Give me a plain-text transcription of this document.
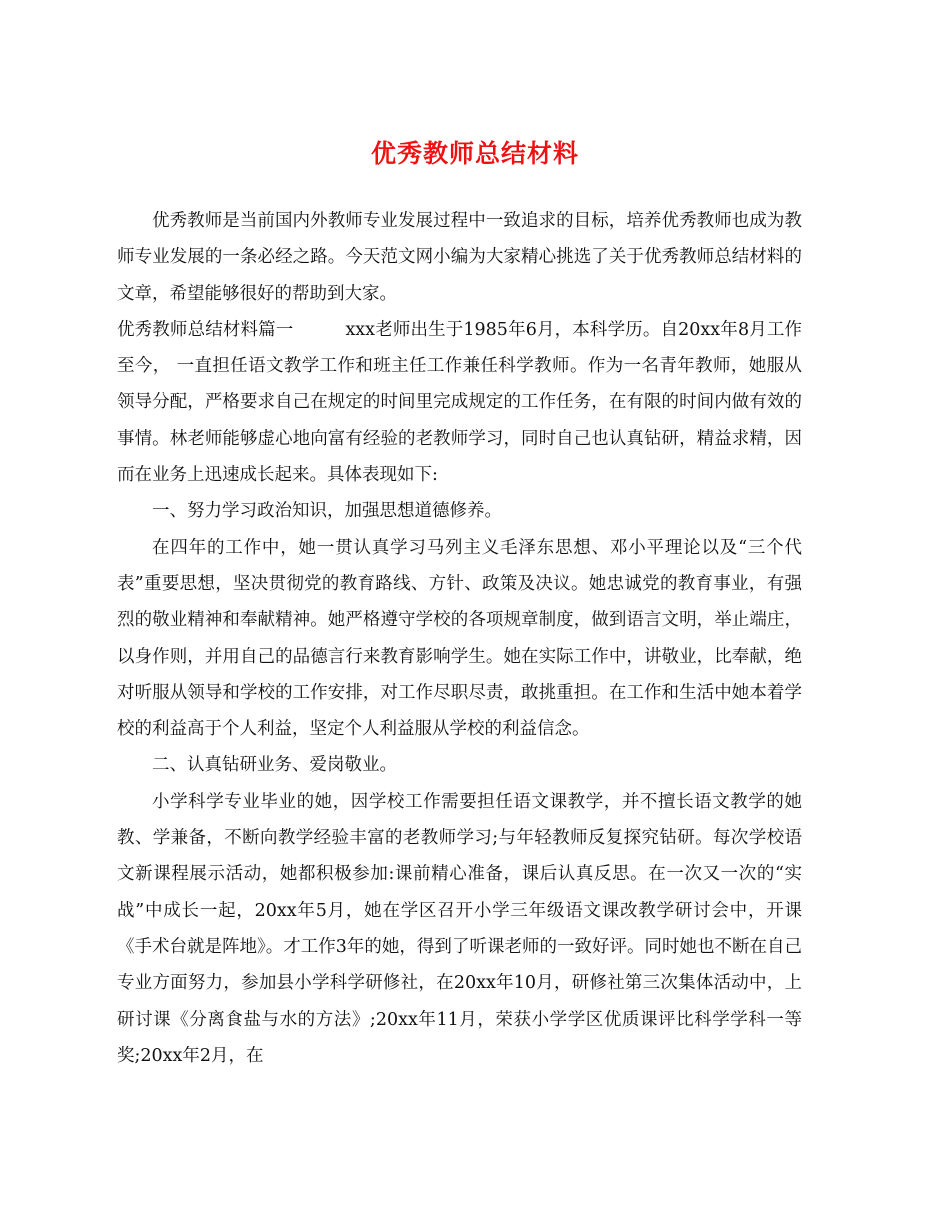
优秀教师总结材料

优秀教师是当前国内外教师专业发展过程中一致追求的目标，培养优秀教师也成为教师专业发展的一条必经之路。今天范文网小编为大家精心挑选了关于优秀教师总结材料的文章，希望能够很好的帮助到大家。

优秀教师总结材料篇一	xxx老师出生于1985年6月，本科学历。自20xx年8月工作至今， 一直担任语文教学工作和班主任工作兼任科学教师。作为一名青年教师，她服从领导分配，严格要求自己在规定的时间里完成规定的工作任务，在有限的时间内做有效的事情。林老师能够虚心地向富有经验的老教师学习，同时自己也认真钻研，精益求精，因而在业务上迅速成长起来。具体表现如下:

一、努力学习政治知识，加强思想道德修养。

在四年的工作中，她一贯认真学习马列主义毛泽东思想、邓小平理论以及“三个代表”重要思想，坚决贯彻党的教育路线、方针、政策及决议。她忠诚党的教育事业，有强烈的敬业精神和奉献精神。她严格遵守学校的各项规章制度，做到语言文明，举止端庄，以身作则，并用自己的品德言行来教育影响学生。她在实际工作中，讲敬业，比奉献，绝对听服从领导和学校的工作安排，对工作尽职尽责，敢挑重担。在工作和生活中她本着学校的利益高于个人利益，坚定个人利益服从学校的利益信念。

二、认真钻研业务、爱岗敬业。

小学科学专业毕业的她，因学校工作需要担任语文课教学，并不擅长语文教学的她教、学兼备，不断向教学经验丰富的老教师学习;与年轻教师反复探究钻研。每次学校语文新课程展示活动，她都积极参加:课前精心准备，课后认真反思。在一次又一次的“实战”中成长一起，20xx年5月，她在学区召开小学三年级语文课改教学研讨会中，开课《手术台就是阵地》。才工作3年的她，得到了听课老师的一致好评。同时她也不断在自己专业方面努力，参加县小学科学研修社，在20xx年10月，研修社第三次集体活动中，上研讨课《分离食盐与水的方法》;20xx年11月，荣获小学学区优质课评比科学学科一等奖;20xx年2月，在
